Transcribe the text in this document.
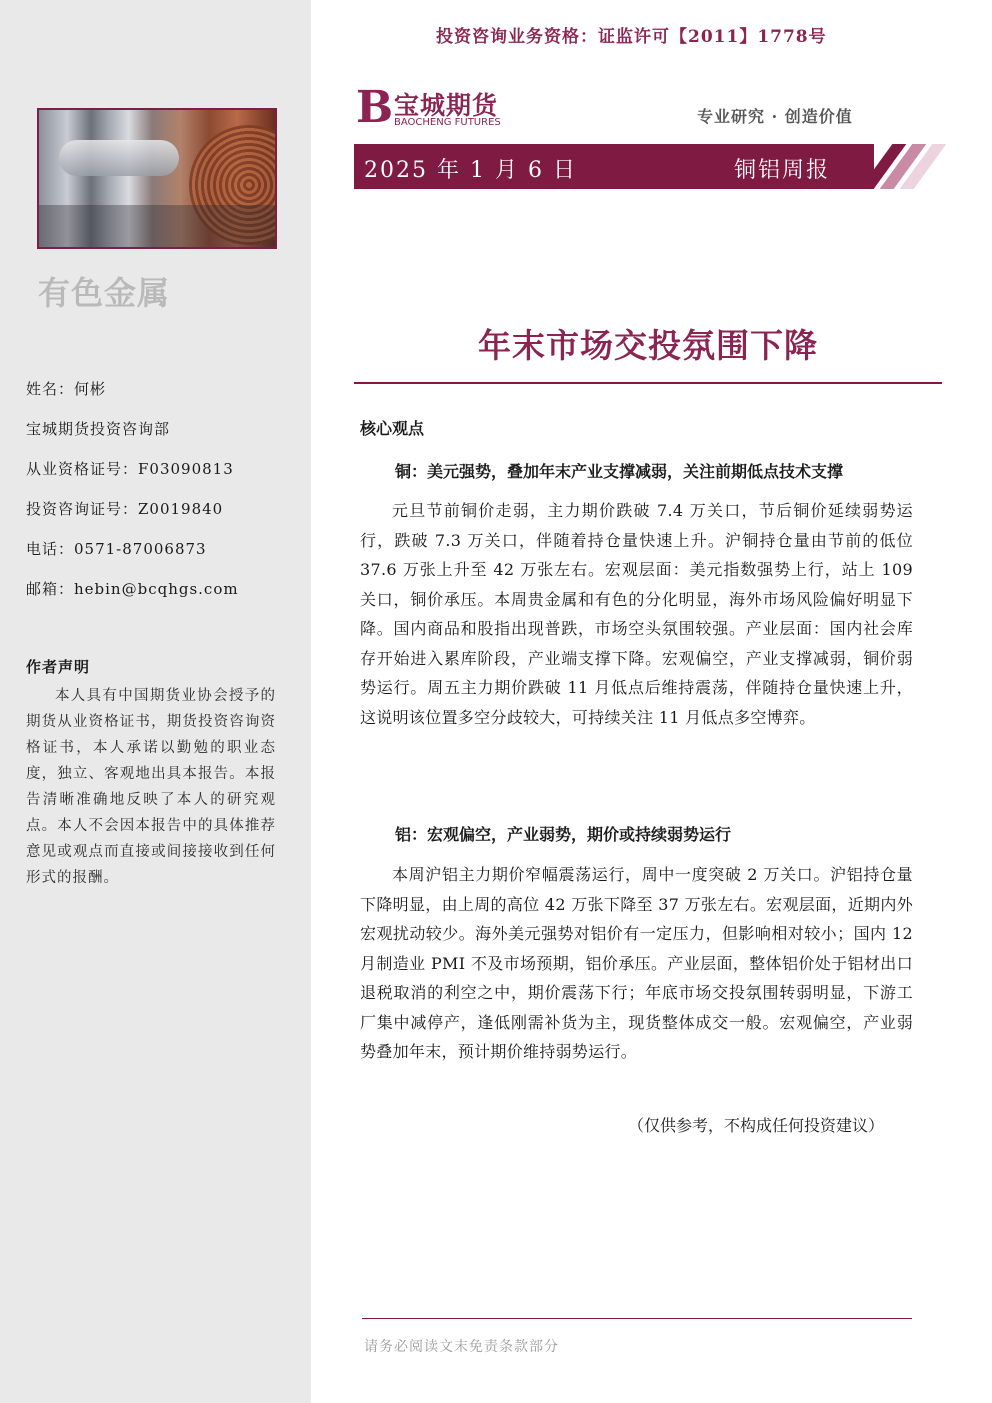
有色金属
姓名：何彬
宝城期货投资咨询部
从业资格证号：F03090813
投资咨询证号：Z0019840
电话：0571-87006873
邮箱：hebin@bcqhgs.com
作者声明
本人具有中国期货业协会授予的期货从业资格证书，期货投资咨询资格证书，本人承诺以勤勉的职业态度，独立、客观地出具本报告。本报告清晰准确地反映了本人的研究观点。本人不会因本报告中的具体推荐意见或观点而直接或间接接收到任何形式的报酬。
投资咨询业务资格：证监许可【2011】1778号
B 宝城期货
BAOCHENG FUTURES	专业研究 · 创造价值
2025 年 1 月 6 日	铜铝周报
年末市场交投氛围下降
核心观点
铜：美元强势，叠加年末产业支撑减弱，关注前期低点技术支撑
元旦节前铜价走弱，主力期价跌破 7.4 万关口，节后铜价延续弱势运行，跌破 7.3 万关口，伴随着持仓量快速上升。沪铜持仓量由节前的低位 37.6 万张上升至 42 万张左右。宏观层面：美元指数强势上行，站上 109 关口，铜价承压。本周贵金属和有色的分化明显，海外市场风险偏好明显下降。国内商品和股指出现普跌，市场空头氛围较强。产业层面：国内社会库存开始进入累库阶段，产业端支撑下降。宏观偏空，产业支撑减弱，铜价弱势运行。周五主力期价跌破 11 月低点后维持震荡，伴随持仓量快速上升，这说明该位置多空分歧较大，可持续关注 11 月低点多空博弈。
铝：宏观偏空，产业弱势，期价或持续弱势运行
本周沪铝主力期价窄幅震荡运行，周中一度突破 2 万关口。沪铝持仓量下降明显，由上周的高位 42 万张下降至 37 万张左右。宏观层面，近期内外宏观扰动较少。海外美元强势对铝价有一定压力，但影响相对较小；国内 12 月制造业 PMI 不及市场预期，铝价承压。产业层面，整体铝价处于铝材出口退税取消的利空之中，期价震荡下行；年底市场交投氛围转弱明显，下游工厂集中减停产，逢低刚需补货为主，现货整体成交一般。宏观偏空，产业弱势叠加年末，预计期价维持弱势运行。
（仅供参考，不构成任何投资建议）
请务必阅读文末免责条款部分
